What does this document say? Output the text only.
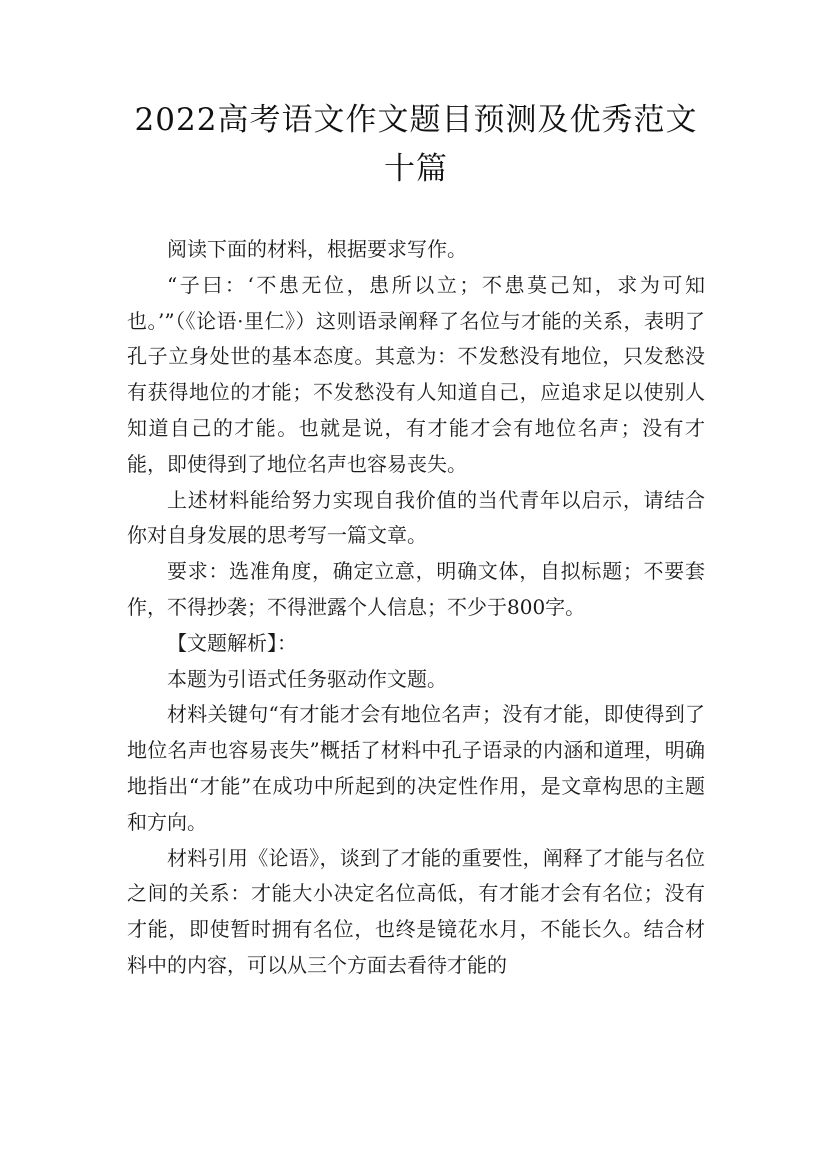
2022高考语文作文题目预测及优秀范文十篇

阅读下面的材料，根据要求写作。

“子曰：‘不患无位，患所以立；不患莫己知，求为可知也。’”（《论语·里仁》）这则语录阐释了名位与才能的关系，表明了孔子立身处世的基本态度。其意为：不发愁没有地位，只发愁没有获得地位的才能；不发愁没有人知道自己，应追求足以使别人知道自己的才能。也就是说，有才能才会有地位名声；没有才能，即使得到了地位名声也容易丧失。

上述材料能给努力实现自我价值的当代青年以启示，请结合你对自身发展的思考写一篇文章。

要求：选准角度，确定立意，明确文体，自拟标题；不要套作，不得抄袭；不得泄露个人信息；不少于800字。

【文题解析】：

本题为引语式任务驱动作文题。

材料关键句“有才能才会有地位名声；没有才能，即使得到了地位名声也容易丧失”概括了材料中孔子语录的内涵和道理，明确地指出“才能”在成功中所起到的决定性作用，是文章构思的主题和方向。

材料引用《论语》，谈到了才能的重要性，阐释了才能与名位之间的关系：才能大小决定名位高低，有才能才会有名位；没有才能，即使暂时拥有名位，也终是镜花水月，不能长久。结合材料中的内容，可以从三个方面去看待才能的
